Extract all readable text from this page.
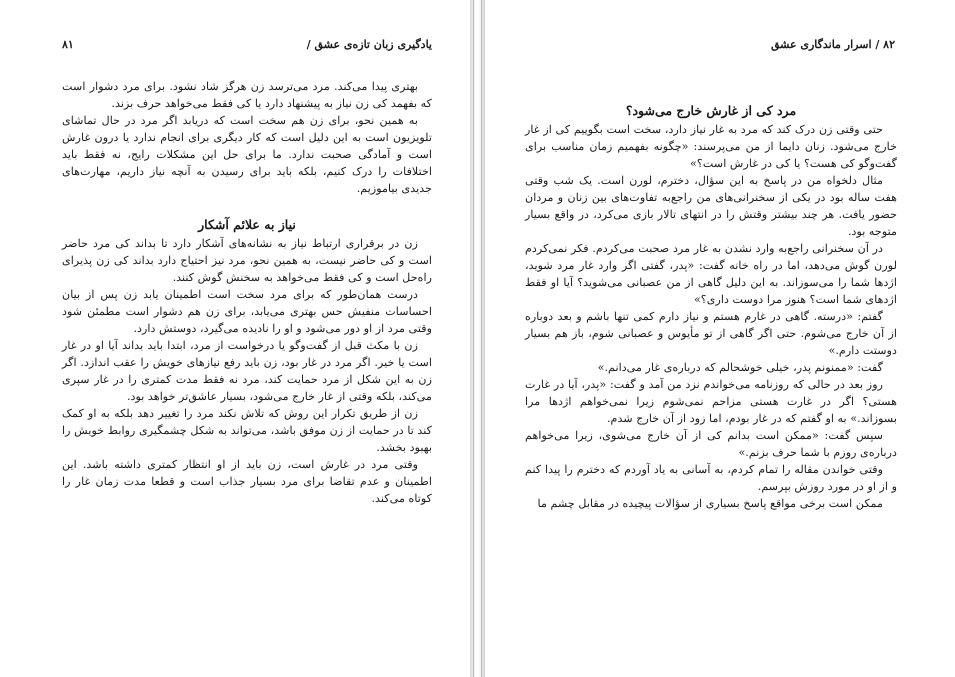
یادگیری زبان تازه‌ی عشق /
۸۱

بهتری پیدا می‌کند. مرد می‌ترسد زن هرگز شاد نشود. برای مرد دشوار است که بفهمد کی زن نیاز به پیشنهاد دارد یا کی فقط می‌خواهد حرف بزند.

به همین نحو، برای زن هم سخت است که دریابد اگر مرد در حال تماشای تلویزیون است به این دلیل است که کار دیگری برای انجام ندارد یا درون غارش است و آمادگی صحبت ندارد. ما برای حل این مشکلات رایج، نه فقط باید اختلافات را درک کنیم، بلکه باید برای رسیدن به آنچه نیاز داریم، مهارت‌های جدیدی بیاموزیم.

نیاز به علائم آشکار

زن در برقراری ارتباط نیاز به نشانه‌های آشکار دارد تا بداند کی مرد حاضر است و کی حاضر نیست، به همین نحو، مرد نیز احتیاج دارد بداند کی زن پذیرای راه‌حل است و کی فقط می‌خواهد به سخنش گوش کنند.

درست همان‌طور که برای مرد سخت است اطمینان یابد زن پس از بیان احساسات منفیش حس بهتری می‌یابد، برای زن هم دشوار است مطمئن شود وقتی مرد از او دور می‌شود و او را نادیده می‌گیرد، دوستش دارد.

زن با مکث قبل از گفت‌وگو یا درخواست از مرد، ابتدا باید بداند آیا او در غار است یا خیر. اگر مرد در غار بود، زن باید رفع نیازهای خویش را عقب اندازد. اگر زن به این شکل از مرد حمایت کند، مرد نه فقط مدت کمتری را در غار سپری می‌کند، بلکه وقتی از غار خارج می‌شود، بسیار عاشق‌تر خواهد بود.

زن از طریق تکرار این روش که تلاش نکند مرد را تغییر دهد بلکه به او کمک کند تا در حمایت از زن موفق باشد، می‌تواند به شکل چشمگیری روابط خویش را بهبود بخشد.

وقتی مرد در غارش است، زن باید از او انتظار کمتری داشته باشد. این اطمینان و عدم تقاضا برای مرد بسیار جذاب است و قطعا مدت زمان غار را کوتاه می‌کند.

۸۲ / اسرار ماندگاری عشق
مرد کی از غارش خارج می‌شود؟

حتی وقتی زن درک کند که مرد به غار نیاز دارد، سخت است بگوییم کی از غار خارج می‌شود. زنان دایما از من می‌پرسند: «چگونه بفهمیم زمان مناسب برای گفت‌وگو کی هست؟ یا کی در غارش است؟»

مثال دلخواه من در پاسخ به این سؤال، دخترم، لورن است. یک شب وقتی هفت ساله بود در یکی از سخنرانی‌های من راجع‌به تفاوت‌های بین زنان و مردان حضور یافت. هر چند بیشتر وقتش را در انتهای تالار بازی می‌کرد، در واقع بسیار متوجه بود.

در آن سخنرانی راجع‌به وارد نشدن به غار مرد صحبت می‌کردم. فکر نمی‌کردم لورن گوش می‌دهد، اما در راه خانه گفت: «پدر، گفتی اگر وارد غار مرد شوید، اژدها شما را می‌سوزاند. به این دلیل گاهی از من عصبانی می‌شوید؟ آیا او فقط اژدهای شما است؟ هنوز مرا دوست داری؟»

گفتم: «درسته. گاهی در غارم هستم و نیاز دارم کمی تنها باشم و بعد دوباره از آن خارج می‌شوم. حتی اگر گاهی از تو مأیوس و عصبانی شوم، باز هم بسیار دوستت دارم.»

گفت: «ممنونم پدر، خیلی خوشحالم که درباره‌ی غار می‌دانم.»

روز بعد در حالی که روزنامه می‌خواندم نزد من آمد و گفت: «پدر، آیا در غارت هستی؟ اگر در غارت هستی مزاحم نمی‌شوم زیرا نمی‌خواهم اژدها مرا بسوزاند.» به او گفتم که در غار بودم، اما زود از آن خارج شدم.

سپس گفت: «ممکن است بدانم کی از آن خارج می‌شوی، زیرا می‌خواهم درباره‌ی روزم با شما حرف بزنم.»

وقتی خواندن مقاله را تمام کردم، به آسانی به یاد آوردم که دخترم را پیدا کنم و از او در مورد روزش بپرسم.

ممکن است برخی مواقع پاسخ بسیاری از سؤالات پیچیده در مقابل چشم ما
